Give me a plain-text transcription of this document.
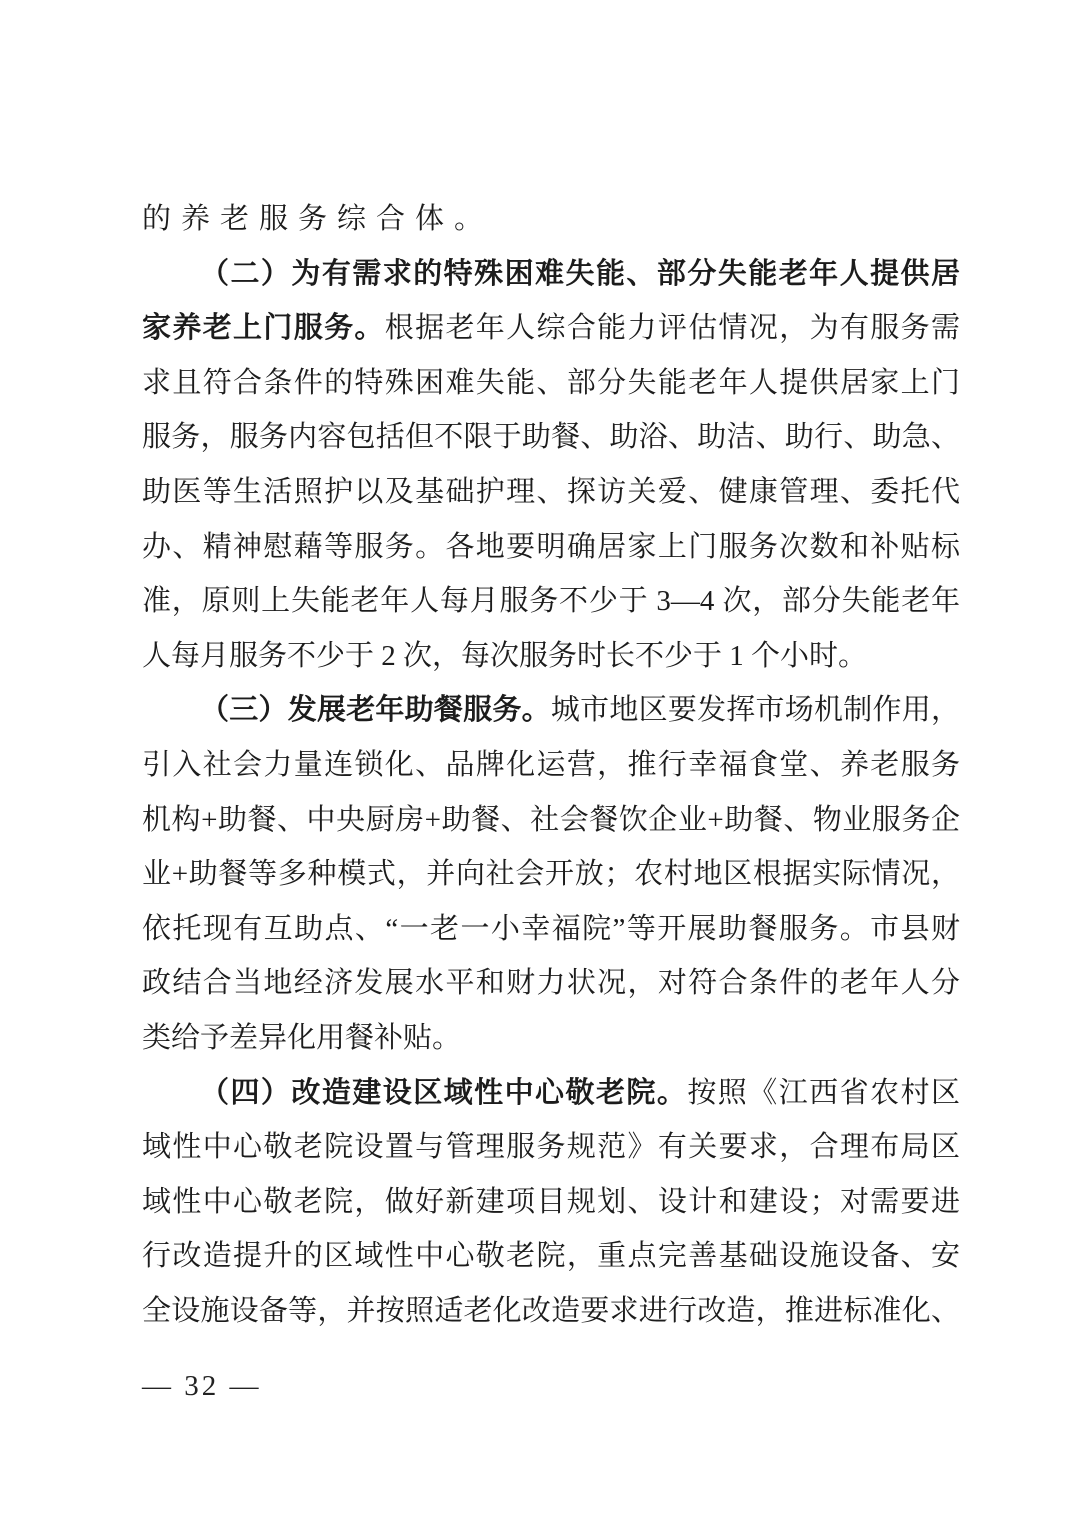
的养老服务综合体。
（二）为有需求的特殊困难失能、部分失能老年人提供居
家养老上门服务。根据老年人综合能力评估情况，为有服务需
求且符合条件的特殊困难失能、部分失能老年人提供居家上门
服务，服务内容包括但不限于助餐、助浴、助洁、助行、助急、
助医等生活照护以及基础护理、探访关爱、健康管理、委托代
办、精神慰藉等服务。各地要明确居家上门服务次数和补贴标
准，原则上失能老年人每月服务不少于 3—4 次，部分失能老年
人每月服务不少于 2 次，每次服务时长不少于 1 个小时。
（三）发展老年助餐服务。城市地区要发挥市场机制作用，
引入社会力量连锁化、品牌化运营，推行幸福食堂、养老服务
机构+助餐、中央厨房+助餐、社会餐饮企业+助餐、物业服务企
业+助餐等多种模式，并向社会开放；农村地区根据实际情况，
依托现有互助点、“一老一小幸福院”等开展助餐服务。市县财
政结合当地经济发展水平和财力状况，对符合条件的老年人分
类给予差异化用餐补贴。
（四）改造建设区域性中心敬老院。按照《江西省农村区
域性中心敬老院设置与管理服务规范》有关要求，合理布局区
域性中心敬老院，做好新建项目规划、设计和建设；对需要进
行改造提升的区域性中心敬老院，重点完善基础设施设备、安
全设施设备等，并按照适老化改造要求进行改造，推进标准化、
— 32 —
